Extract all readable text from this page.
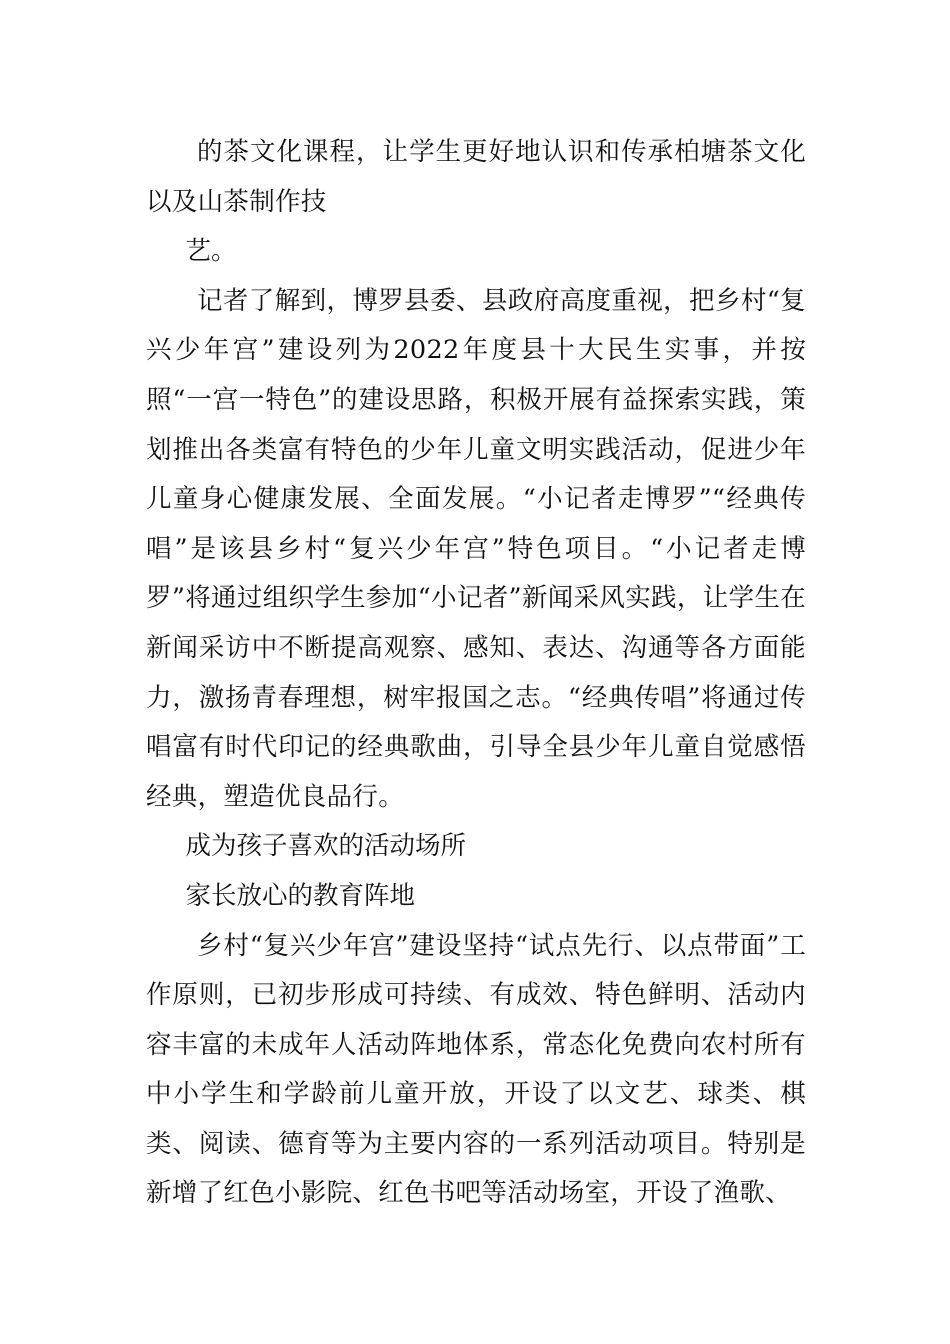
的茶文化课程，让学生更好地认识和传承柏塘茶文化以及山茶制作技

艺。

记者了解到，博罗县委、县政府高度重视，把乡村“复兴少年宫”建设列为2022年度县十大民生实事，并按照“一宫一特色”的建设思路，积极开展有益探索实践，策划推出各类富有特色的少年儿童文明实践活动，促进少年儿童身心健康发展、全面发展。“小记者走博罗”“经典传唱”是该县乡村“复兴少年宫”特色项目。“小记者走博罗”将通过组织学生参加“小记者”新闻采风实践，让学生在新闻采访中不断提高观察、感知、表达、沟通等各方面能力，激扬青春理想，树牢报国之志。“经典传唱”将通过传唱富有时代印记的经典歌曲，引导全县少年儿童自觉感悟经典，塑造优良品行。

成为孩子喜欢的活动场所

家长放心的教育阵地

乡村“复兴少年宫”建设坚持“试点先行、以点带面”工作原则，已初步形成可持续、有成效、特色鲜明、活动内容丰富的未成年人活动阵地体系，常态化免费向农村所有中小学生和学龄前儿童开放，开设了以文艺、球类、棋类、阅读、德育等为主要内容的一系列活动项目。特别是新增了红色小影院、红色书吧等活动场室，开设了渔歌、
